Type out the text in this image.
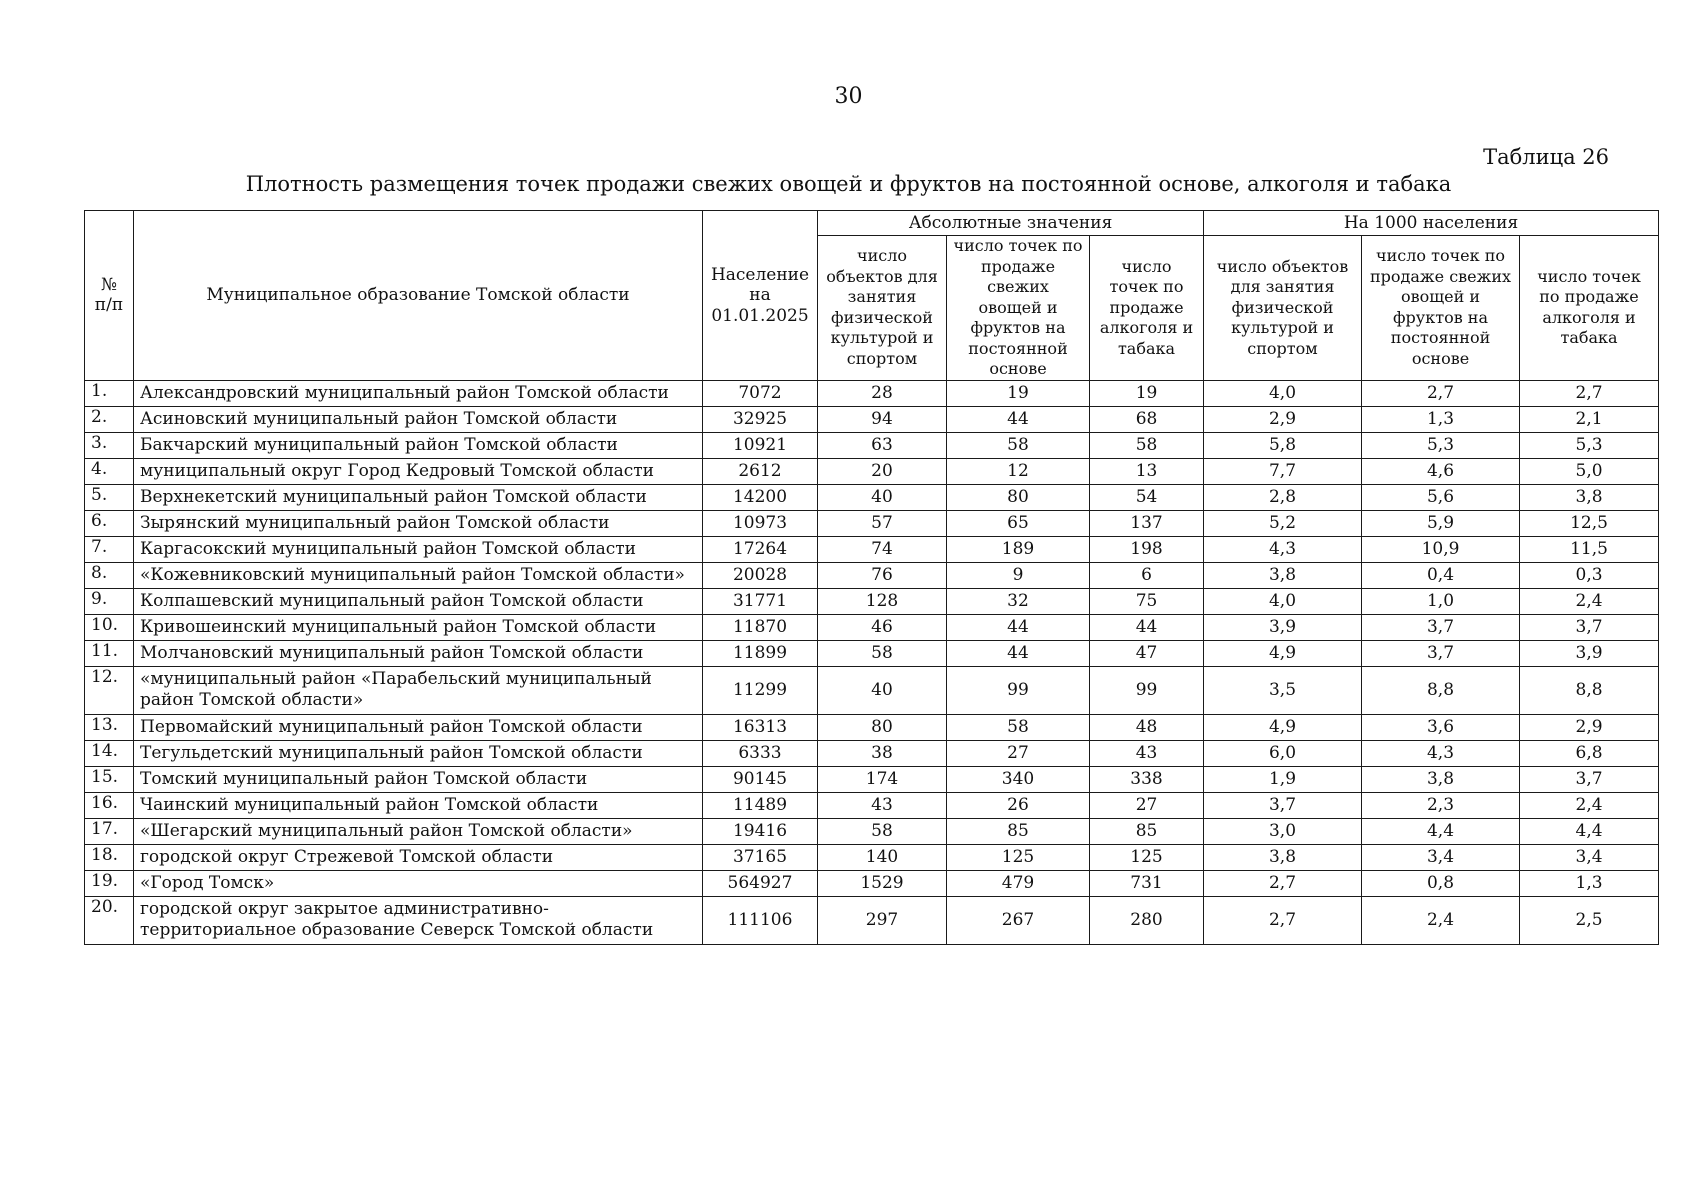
30
Таблица 26
Плотность размещения точек продажи свежих овощей и фруктов на постоянной основе, алкоголя и табака
№ п/п	Муниципальное образование Томской области	Население на 01.01.2025	Абсолютные значения			На 1000 населения		
			число объектов для занятия физической культурой и спортом	число точек по продаже свежих овощей и фруктов на постоянной основе	число точек по продаже алкоголя и табака	число объектов для занятия физической культурой и спортом	число точек по продаже свежих овощей и фруктов на постоянной основе	число точек по продаже алкоголя и табака
1.	Александровский муниципальный район Томской области	7072	28	19	19	4,0	2,7	2,7
2.	Асиновский муниципальный район Томской области	32925	94	44	68	2,9	1,3	2,1
3.	Бакчарский муниципальный район Томской области	10921	63	58	58	5,8	5,3	5,3
4.	муниципальный округ Город Кедровый Томской области	2612	20	12	13	7,7	4,6	5,0
5.	Верхнекетский муниципальный район Томской области	14200	40	80	54	2,8	5,6	3,8
6.	Зырянский муниципальный район Томской области	10973	57	65	137	5,2	5,9	12,5
7.	Каргасокский муниципальный район Томской области	17264	74	189	198	4,3	10,9	11,5
8.	«Кожевниковский муниципальный район Томской области»	20028	76	9	6	3,8	0,4	0,3
9.	Колпашевский муниципальный район Томской области	31771	128	32	75	4,0	1,0	2,4
10.	Кривошеинский муниципальный район Томской области	11870	46	44	44	3,9	3,7	3,7
11.	Молчановский муниципальный район Томской области	11899	58	44	47	4,9	3,7	3,9
12.	«муниципальный район «Парабельский муниципальный район Томской области»	11299	40	99	99	3,5	8,8	8,8
13.	Первомайский муниципальный район Томской области	16313	80	58	48	4,9	3,6	2,9
14.	Тегульдетский муниципальный район Томской области	6333	38	27	43	6,0	4,3	6,8
15.	Томский муниципальный район Томской области	90145	174	340	338	1,9	3,8	3,7
16.	Чаинский муниципальный район Томской области	11489	43	26	27	3,7	2,3	2,4
17.	«Шегарский муниципальный район Томской области»	19416	58	85	85	3,0	4,4	4,4
18.	городской округ Стрежевой Томской области	37165	140	125	125	3,8	3,4	3,4
19.	«Город Томск»	564927	1529	479	731	2,7	0,8	1,3
20.	городской округ закрытое административно-территориальное образование Северск Томской области	111106	297	267	280	2,7	2,4	2,5
